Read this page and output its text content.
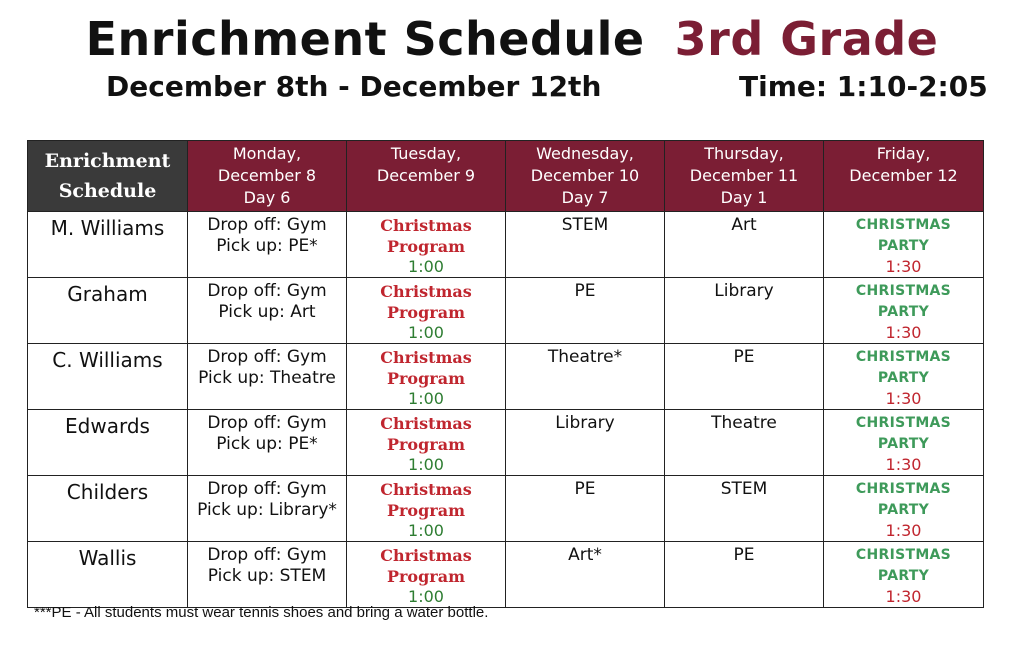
Enrichment Schedule 3rd Grade
December 8th - December 12th	Time: 1:10-2:05
Enrichment
Schedule	Monday,
December 8
Day 6	Tuesday,
December 9	Wednesday,
December 10
Day 7	Thursday,
December 11
Day 1	Friday,
December 12

M. Williams	Drop off: Gym
Pick up: PE*	Christmas
Program
1:00	STEM	Art	CHRISTMAS
PARTY
1:30

Graham	Drop off: Gym
Pick up: Art	Christmas
Program
1:00	PE	Library	CHRISTMAS
PARTY
1:30

C. Williams	Drop off: Gym
Pick up: Theatre	Christmas
Program
1:00	Theatre*	PE	CHRISTMAS
PARTY
1:30

Edwards	Drop off: Gym
Pick up: PE*	Christmas
Program
1:00	Library	Theatre	CHRISTMAS
PARTY
1:30

Childers	Drop off: Gym
Pick up: Library*	Christmas
Program
1:00	PE	STEM	CHRISTMAS
PARTY
1:30

Wallis	Drop off: Gym
Pick up: STEM	Christmas
Program
1:00	Art*	PE	CHRISTMAS
PARTY
1:30
***PE - All students must wear tennis shoes and bring a water bottle.
